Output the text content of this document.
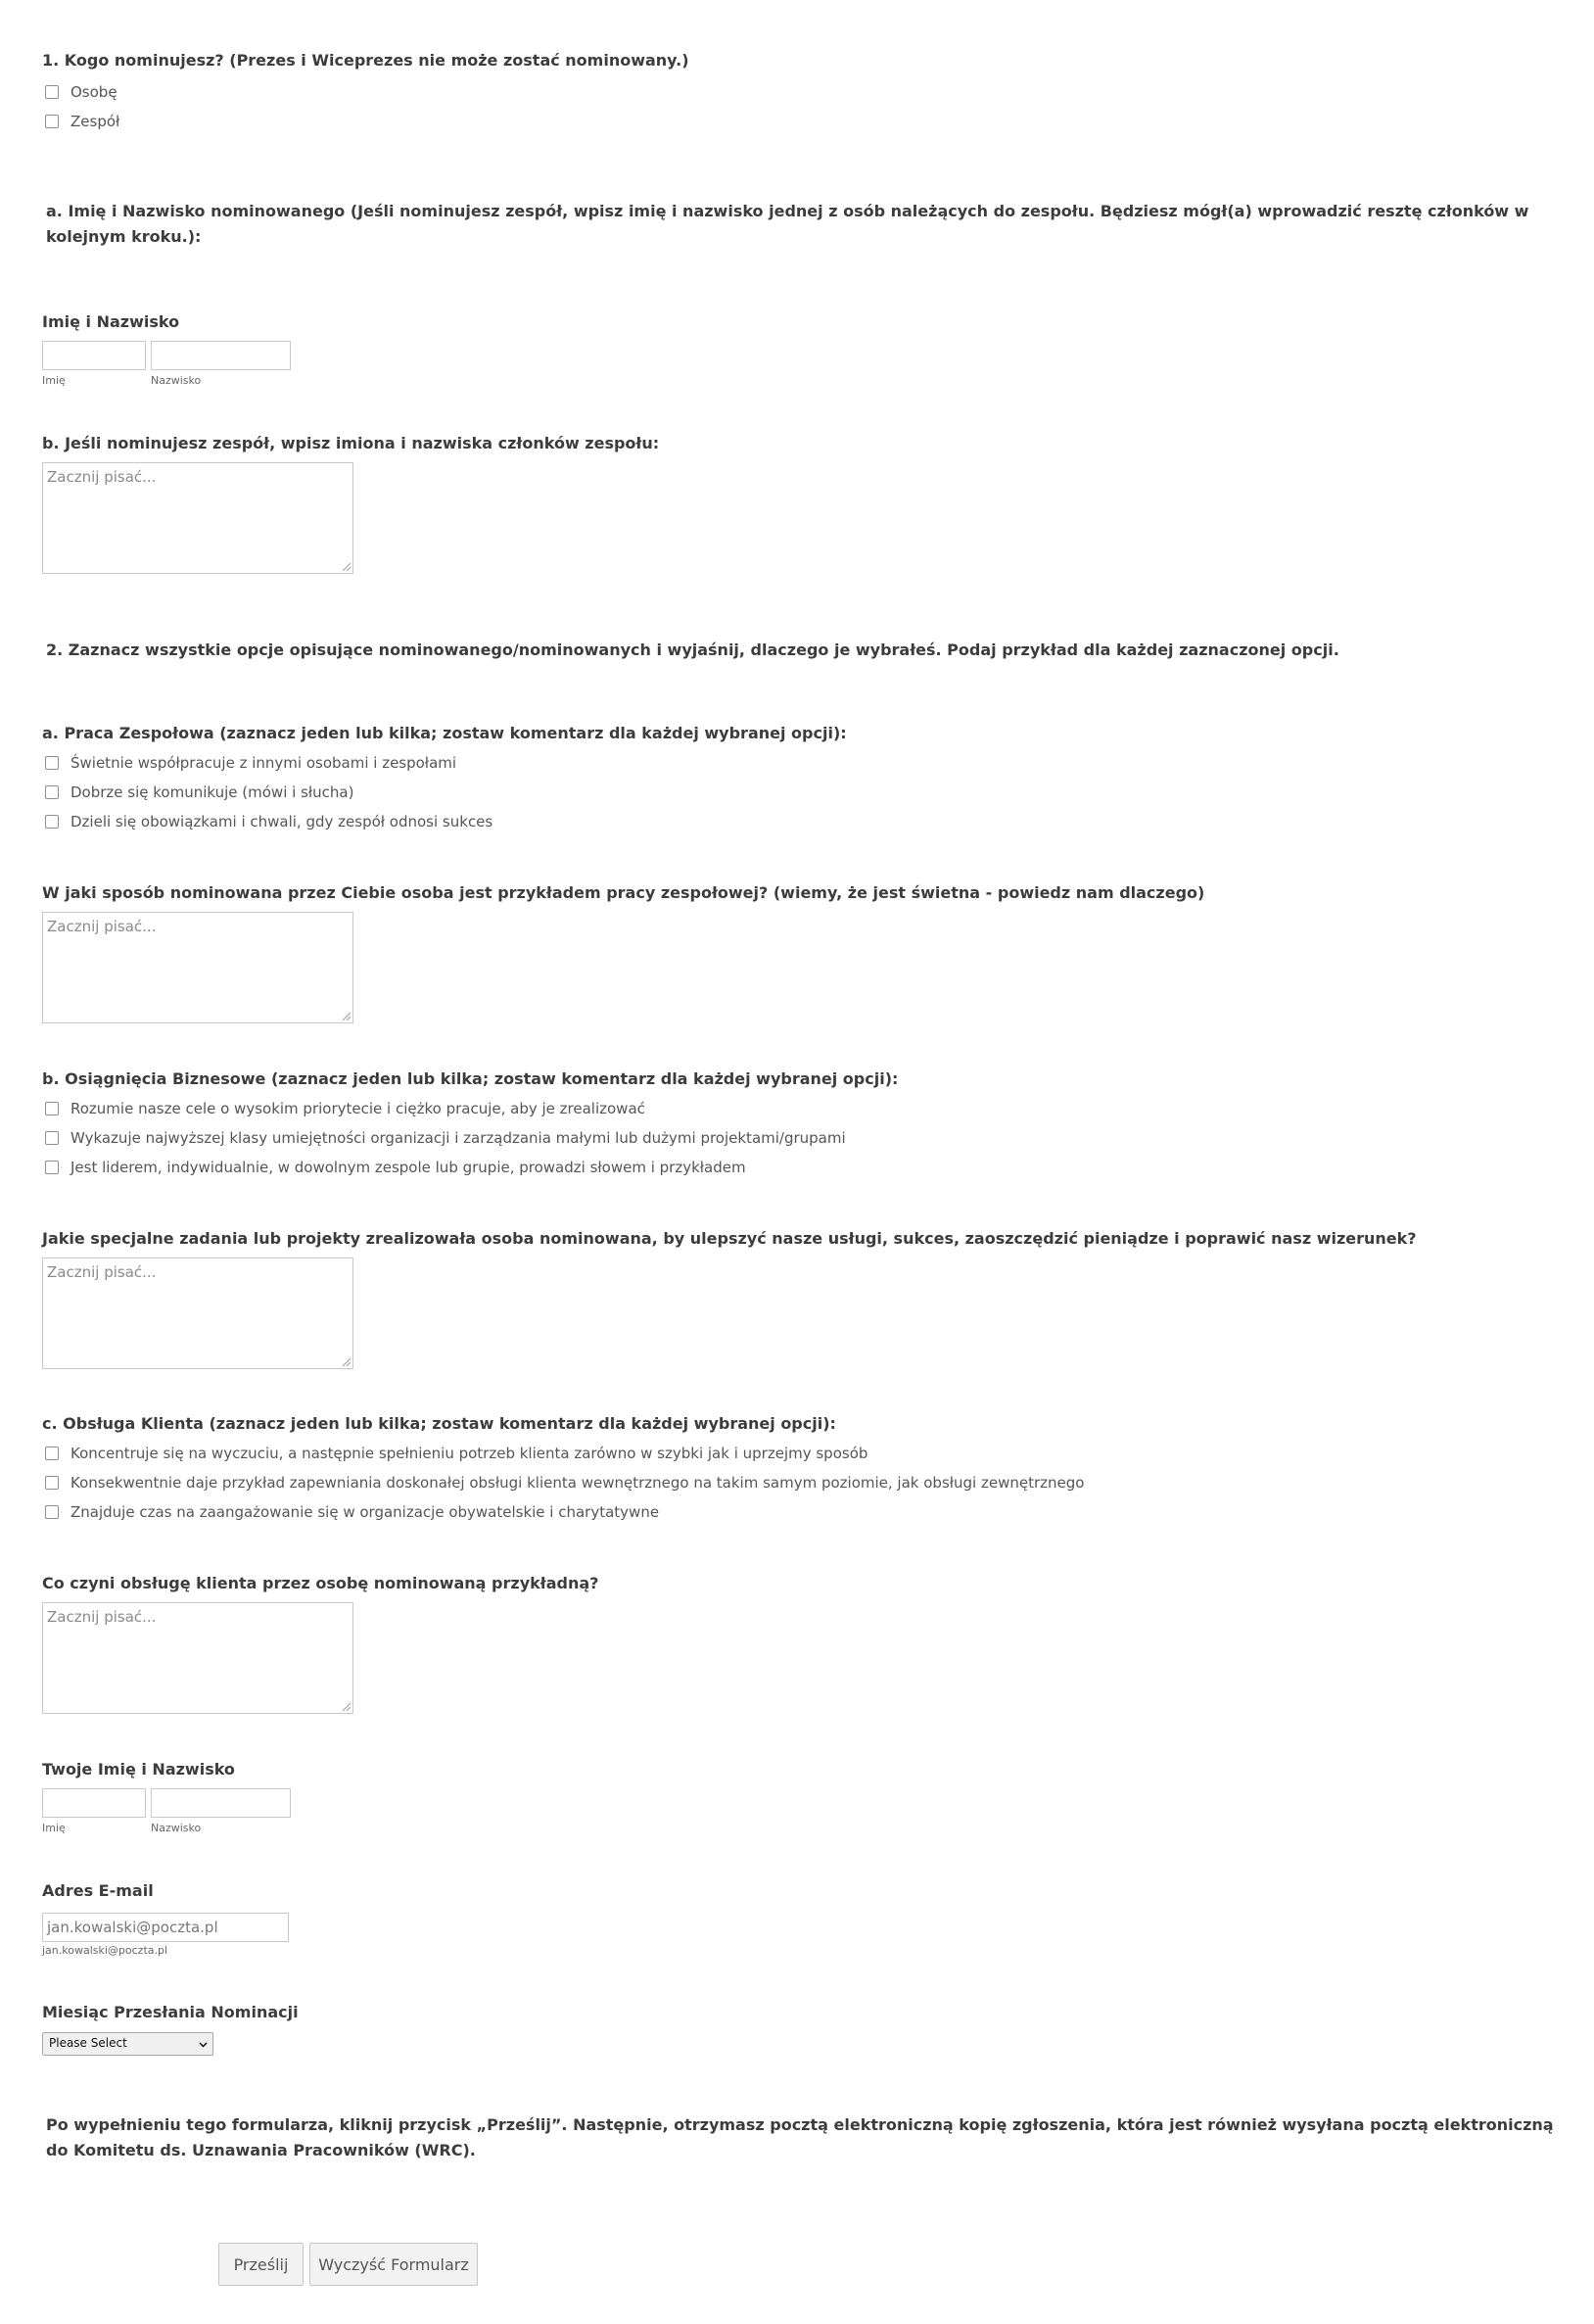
1. Kogo nominujesz? (Prezes i Wiceprezes nie może zostać nominowany.)
Osobę
Zespół
a. Imię i Nazwisko nominowanego (Jeśli nominujesz zespół, wpisz imię i nazwisko jednej z osób należących do zespołu. Będziesz mógł(a) wprowadzić resztę członków w kolejnym kroku.):
Imię i Nazwisko
Imię	Nazwisko
b. Jeśli nominujesz zespół, wpisz imiona i nazwiska członków zespołu:
Zacznij pisać...
2. Zaznacz wszystkie opcje opisujące nominowanego/nominowanych i wyjaśnij, dlaczego je wybrałeś. Podaj przykład dla każdej zaznaczonej opcji.
a. Praca Zespołowa (zaznacz jeden lub kilka; zostaw komentarz dla każdej wybranej opcji):
Świetnie współpracuje z innymi osobami i zespołami
Dobrze się komunikuje (mówi i słucha)
Dzieli się obowiązkami i chwali, gdy zespół odnosi sukces
W jaki sposób nominowana przez Ciebie osoba jest przykładem pracy zespołowej? (wiemy, że jest świetna - powiedz nam dlaczego)
Zacznij pisać...
b. Osiągnięcia Biznesowe (zaznacz jeden lub kilka; zostaw komentarz dla każdej wybranej opcji):
Rozumie nasze cele o wysokim priorytecie i ciężko pracuje, aby je zrealizować
Wykazuje najwyższej klasy umiejętności organizacji i zarządzania małymi lub dużymi projektami/grupami
Jest liderem, indywidualnie, w dowolnym zespole lub grupie, prowadzi słowem i przykładem
Jakie specjalne zadania lub projekty zrealizowała osoba nominowana, by ulepszyć nasze usługi, sukces, zaoszczędzić pieniądze i poprawić nasz wizerunek?
Zacznij pisać...
c. Obsługa Klienta (zaznacz jeden lub kilka; zostaw komentarz dla każdej wybranej opcji):
Koncentruje się na wyczuciu, a następnie spełnieniu potrzeb klienta zarówno w szybki jak i uprzejmy sposób
Konsekwentnie daje przykład zapewniania doskonałej obsługi klienta wewnętrznego na takim samym poziomie, jak obsługi zewnętrznego
Znajduje czas na zaangażowanie się w organizacje obywatelskie i charytatywne
Co czyni obsługę klienta przez osobę nominowaną przykładną?
Zacznij pisać...
Twoje Imię i Nazwisko
Imię	Nazwisko
Adres E-mail
jan.kowalski@poczta.pl
jan.kowalski@poczta.pl
Miesiąc Przesłania Nominacji
Please Select
Po wypełnieniu tego formularza, kliknij przycisk „Prześlij”. Następnie, otrzymasz pocztą elektroniczną kopię zgłoszenia, która jest również wysyłana pocztą elektroniczną do Komitetu ds. Uznawania Pracowników (WRC).
Prześlij	Wyczyść Formularz
